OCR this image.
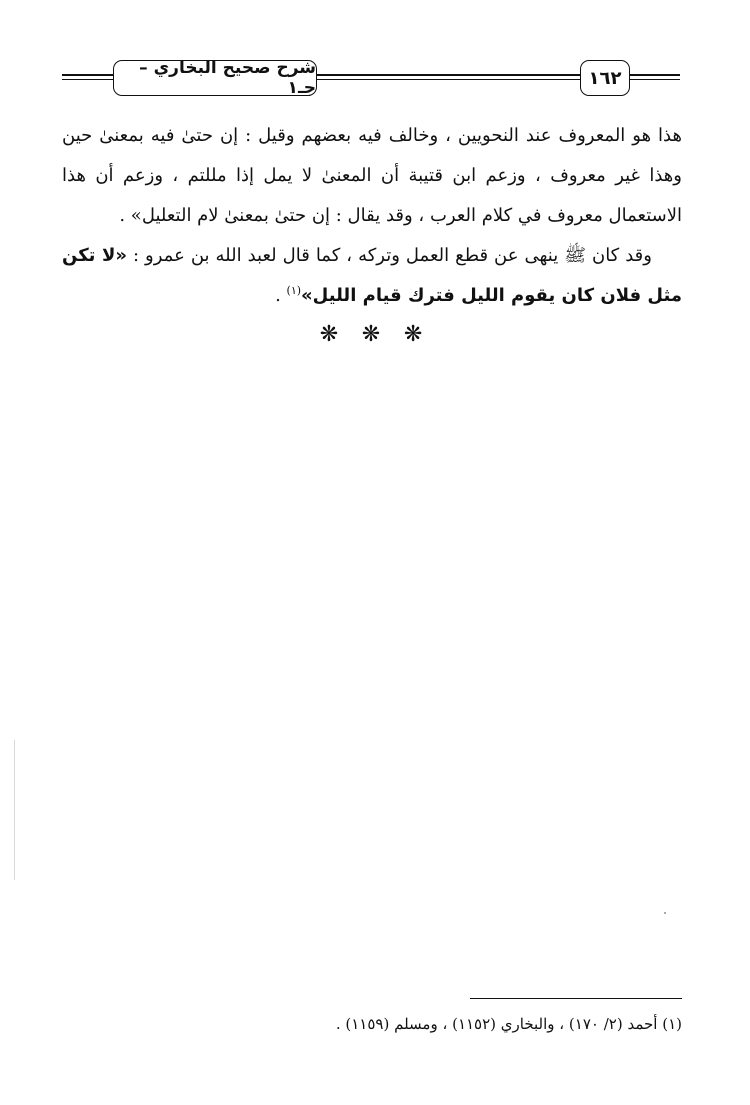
شرح صحيح البخاري – جـ١	١٦٢
هذا هو المعروف عند النحويين ، وخالف فيه بعضهم وقيل : إن حتىٰ فيه بمعنىٰ حين وهذا غير معروف ، وزعم ابن قتيبة أن المعنىٰ لا يمل إذا مللتم ، وزعم أن هذا الاستعمال معروف في كلام العرب ، وقد يقال : إن حتىٰ بمعنىٰ لام التعليل» .
وقد كان ﷺ ينهى عن قطع العمل وتركه ، كما قال لعبد الله بن عمرو : «لا تكن مثل فلان كان يقوم الليل فترك قيام الليل»$^{(١)}$ .
❋ ❋ ❋
(١) أحمد (٢/ ١٧٠) ، والبخاري (١١٥٢) ، ومسلم (١١٥٩) .
